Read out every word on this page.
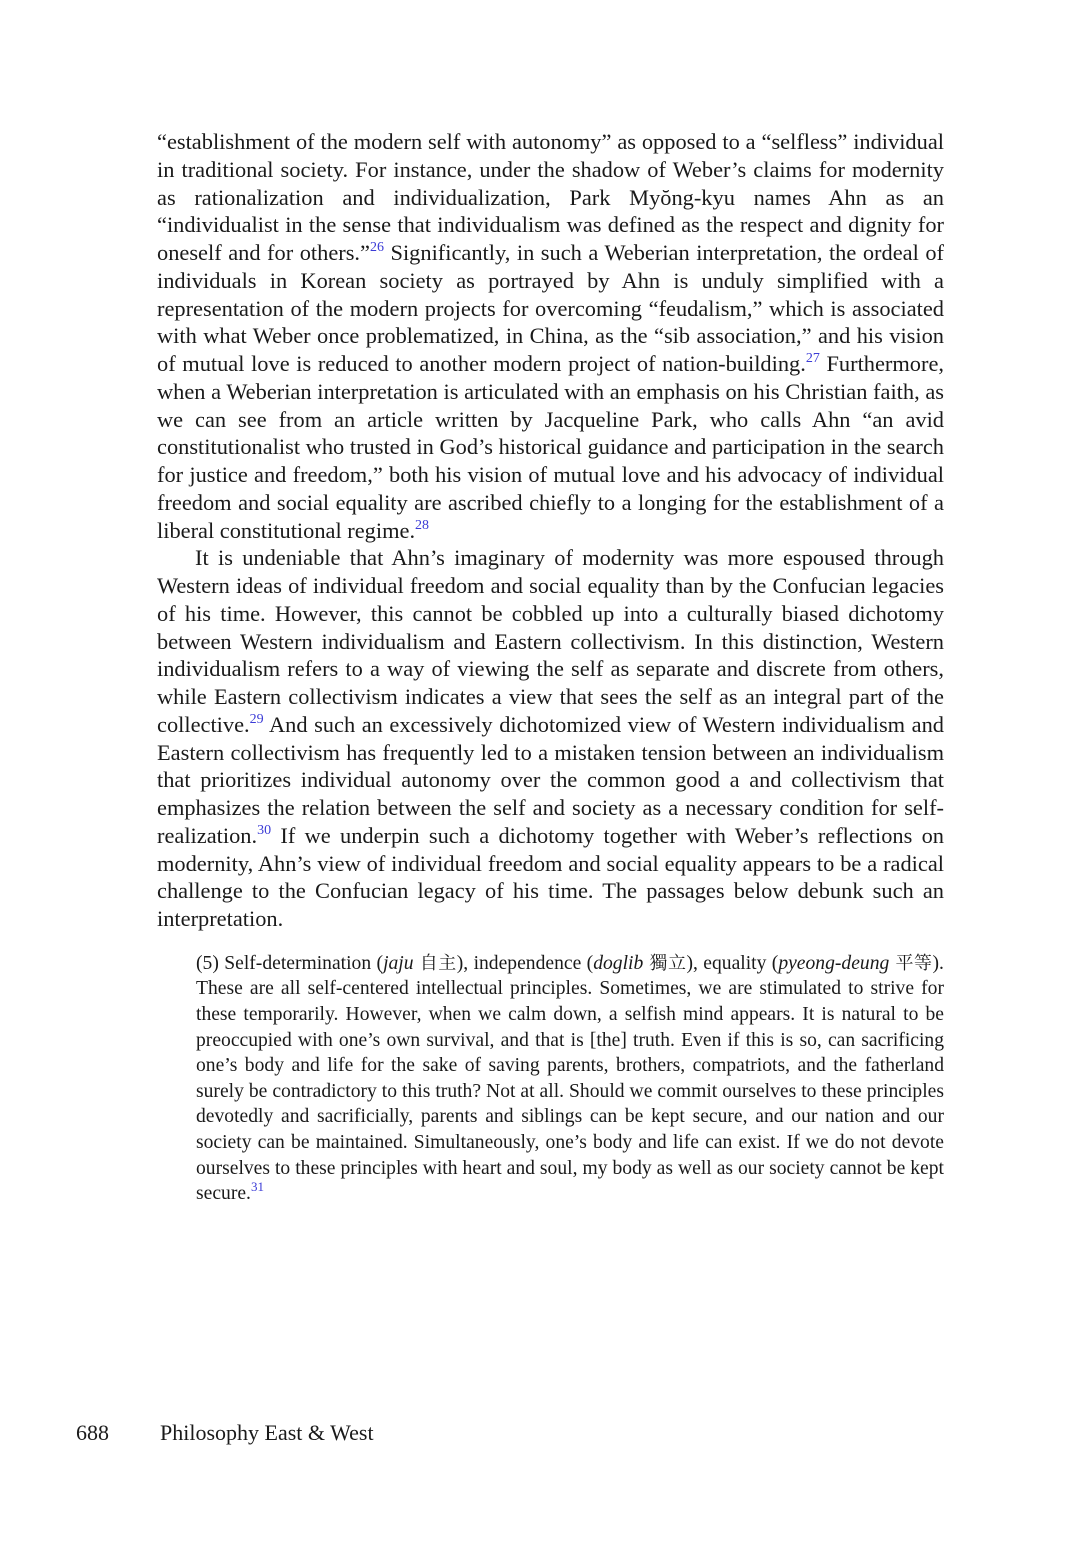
“establishment of the modern self with autonomy” as opposed to a “selfless” individual in traditional society. For instance, under the shadow of Weber’s claims for modernity as rationalization and individualization, Park Myŏng-kyu names Ahn as an “individualist in the sense that individualism was defined as the respect and dignity for oneself and for others.”$^{26}$ Significantly, in such a Weberian interpretation, the ordeal of individuals in Korean society as portrayed by Ahn is unduly simplified with a representation of the modern projects for overcoming “feudalism,” which is associated with what Weber once problematized, in China, as the “sib association,” and his vision of mutual love is reduced to another modern project of nation-building.$^{27}$ Furthermore, when a Weberian interpretation is articulated with an emphasis on his Christian faith, as we can see from an article written by Jacqueline Park, who calls Ahn “an avid constitutionalist who trusted in God’s historical guidance and participation in the search for justice and freedom,” both his vision of mutual love and his advocacy of individual freedom and social equality are ascribed chiefly to a longing for the establishment of a liberal constitutional regime.$^{28}$

It is undeniable that Ahn’s imaginary of modernity was more espoused through Western ideas of individual freedom and social equality than by the Confucian legacies of his time. However, this cannot be cobbled up into a culturally biased dichotomy between Western individualism and Eastern collectivism. In this distinction, Western individualism refers to a way of viewing the self as separate and discrete from others, while Eastern collectivism indicates a view that sees the self as an integral part of the collective.$^{29}$ And such an excessively dichotomized view of Western individualism and Eastern collectivism has frequently led to a mistaken tension between an individualism that prioritizes individual autonomy over the common good a and collectivism that emphasizes the relation between the self and society as a necessary condition for self-realization.$^{30}$ If we underpin such a dichotomy together with Weber’s reflections on modernity, Ahn’s view of individual freedom and social equality appears to be a radical challenge to the Confucian legacy of his time. The passages below debunk such an interpretation.

(5) Self-determination (jaju 自主), independence (doglib 獨立), equality (pyeong-deung 平等). These are all self-centered intellectual principles. Sometimes, we are stimulated to strive for these temporarily. However, when we calm down, a selfish mind appears. It is natural to be preoccupied with one’s own survival, and that is [the] truth. Even if this is so, can sacrificing one’s body and life for the sake of saving parents, brothers, compatriots, and the fatherland surely be contradictory to this truth? Not at all. Should we commit ourselves to these principles devotedly and sacrificially, parents and siblings can be kept secure, and our nation and our society can be maintained. Simultaneously, one’s body and life can exist. If we do not devote ourselves to these principles with heart and soul, my body as well as our society cannot be kept secure.$^{31}$
688 Philosophy East & West
